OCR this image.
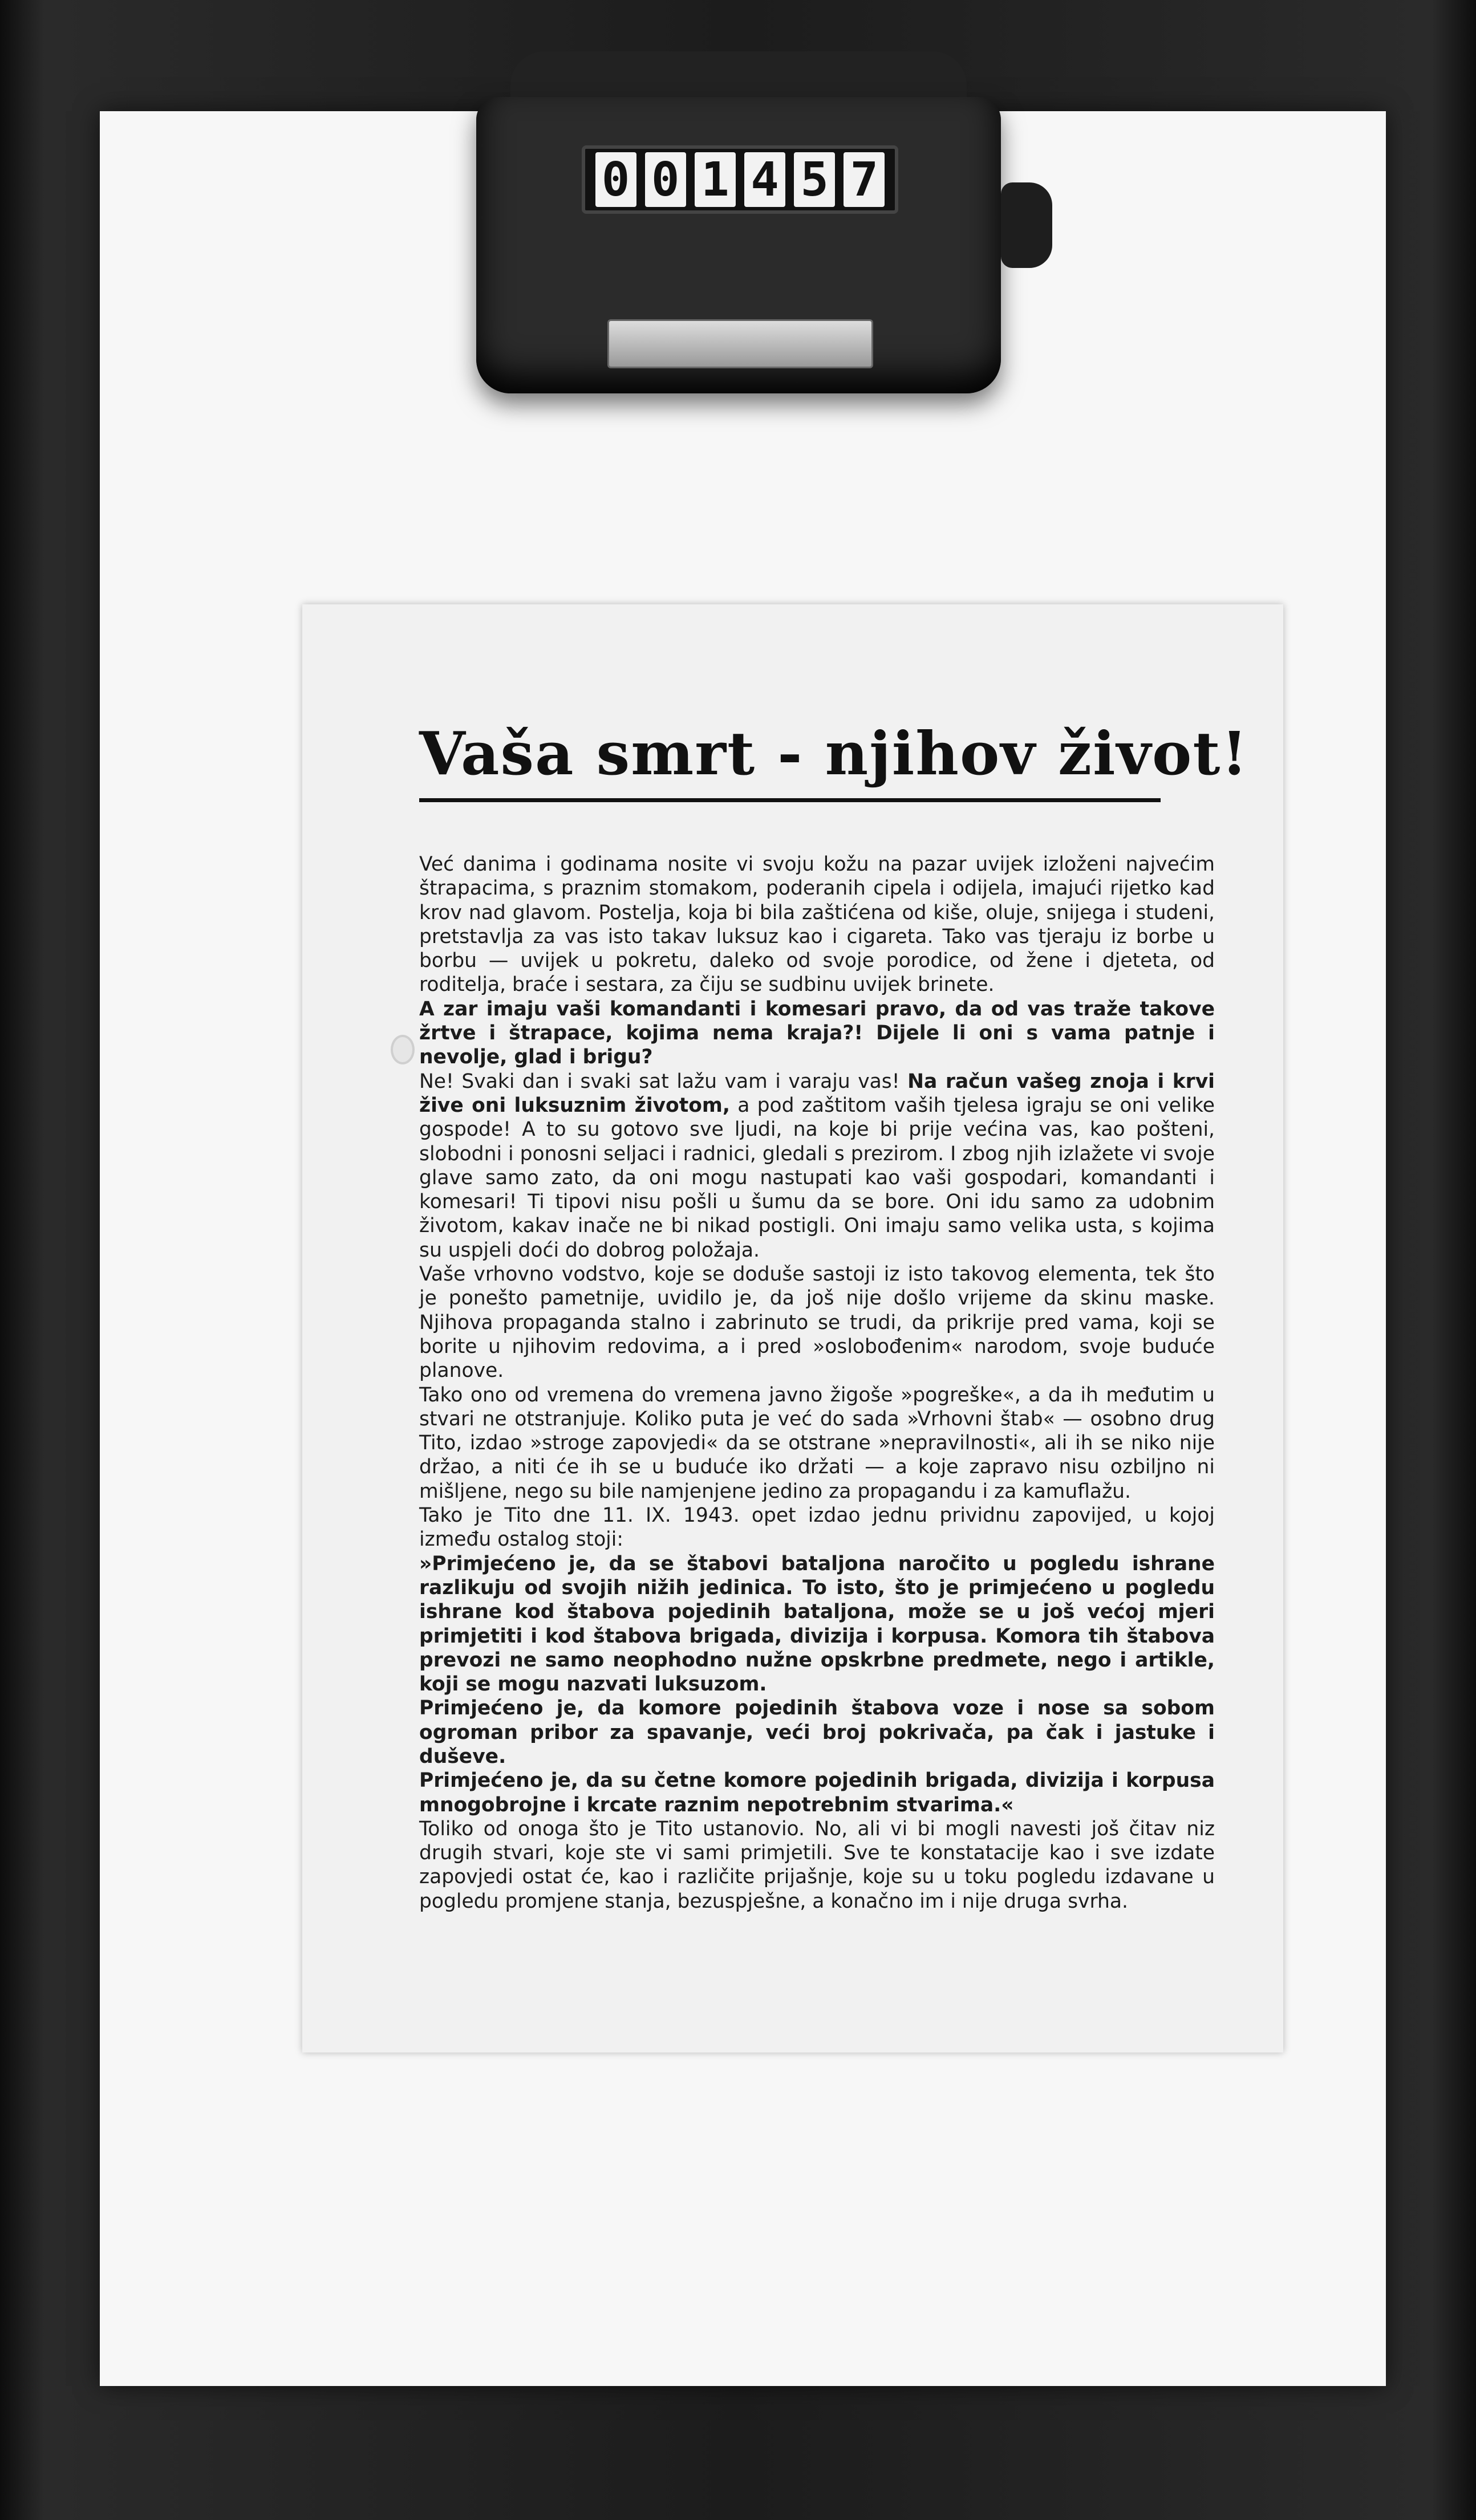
0 0 1 4 5 7
Vaša smrt - njihov život!

Već danima i godinama nosite vi svoju kožu na pazar uvijek izloženi najvećim štrapacima, s praznim stomakom, poderanih cipela i odijela, imajući rijetko kad krov nad glavom. Postelja, koja bi bila zaštićena od kiše, oluje, snijega i studeni, pretstavlja za vas isto takav luksuz kao i cigareta. Tako vas tjeraju iz borbe u borbu — uvijek u pokretu, daleko od svoje porodice, od žene i djeteta, od roditelja, braće i sestara, za čiju se sudbinu uvijek brinete.

A zar imaju vaši komandanti i komesari pravo, da od vas traže takove žrtve i štrapace, kojima nema kraja?! Dijele li oni s vama patnje i nevolje, glad i brigu?

Ne! Svaki dan i svaki sat lažu vam i varaju vas! Na račun vašeg znoja i krvi žive oni luksuznim životom, a pod zaštitom vaših tjelesa igraju se oni velike gospode! A to su gotovo sve ljudi, na koje bi prije većina vas, kao pošteni, slobodni i ponosni seljaci i radnici, gledali s prezirom. I zbog njih izlažete vi svoje glave samo zato, da oni mogu nastupati kao vaši gospodari, komandanti i komesari! Ti tipovi nisu pošli u šumu da se bore. Oni idu samo za udobnim životom, kakav inače ne bi nikad postigli. Oni imaju samo velika usta, s kojima su uspjeli doći do dobrog položaja.

Vaše vrhovno vodstvo, koje se doduše sastoji iz isto takovog elementa, tek što je ponešto pametnije, uvidilo je, da još nije došlo vrijeme da skinu maske. Njihova propaganda stalno i zabrinuto se trudi, da prikrije pred vama, koji se borite u njihovim redovima, a i pred »oslobođenim« narodom, svoje buduće planove.

Tako ono od vremena do vremena javno žigoše »pogreške«, a da ih međutim u stvari ne otstranjuje. Koliko puta je već do sada »Vrhovni štab« — osobno drug Tito, izdao »stroge zapovjedi« da se otstrane »nepravilnosti«, ali ih se niko nije držao, a niti će ih se u buduće iko držati — a koje zapravo nisu ozbiljno ni mišljene, nego su bile namjenjene jedino za propagandu i za kamuflažu.

Tako je Tito dne 11. IX. 1943. opet izdao jednu prividnu zapovijed, u kojoj između ostalog stoji:

»Primjećeno je, da se štabovi bataljona naročito u pogledu ishrane razlikuju od svojih nižih jedinica. To isto, što je primjećeno u pogledu ishrane kod štabova pojedinih bataljona, može se u još većoj mjeri primjetiti i kod štabova brigada, divizija i korpusa. Komora tih štabova prevozi ne samo neophodno nužne opskrbne predmete, nego i artikle, koji se mogu nazvati luksuzom.

Primjećeno je, da komore pojedinih štabova voze i nose sa sobom ogroman pribor za spavanje, veći broj pokrivača, pa čak i jastuke i duševe.

Primjećeno je, da su četne komore pojedinih brigada, divizija i korpusa mnogobrojne i krcate raznim nepotrebnim stvarima.«

Toliko od onoga što je Tito ustanovio. No, ali vi bi mogli navesti još čitav niz drugih stvari, koje ste vi sami primjetili. Sve te konstatacije kao i sve izdate zapovjedi ostat će, kao i različite prijašnje, koje su u toku pogledu izdavane u pogledu promjene stanja, bezuspješne, a konačno im i nije druga svrha.
